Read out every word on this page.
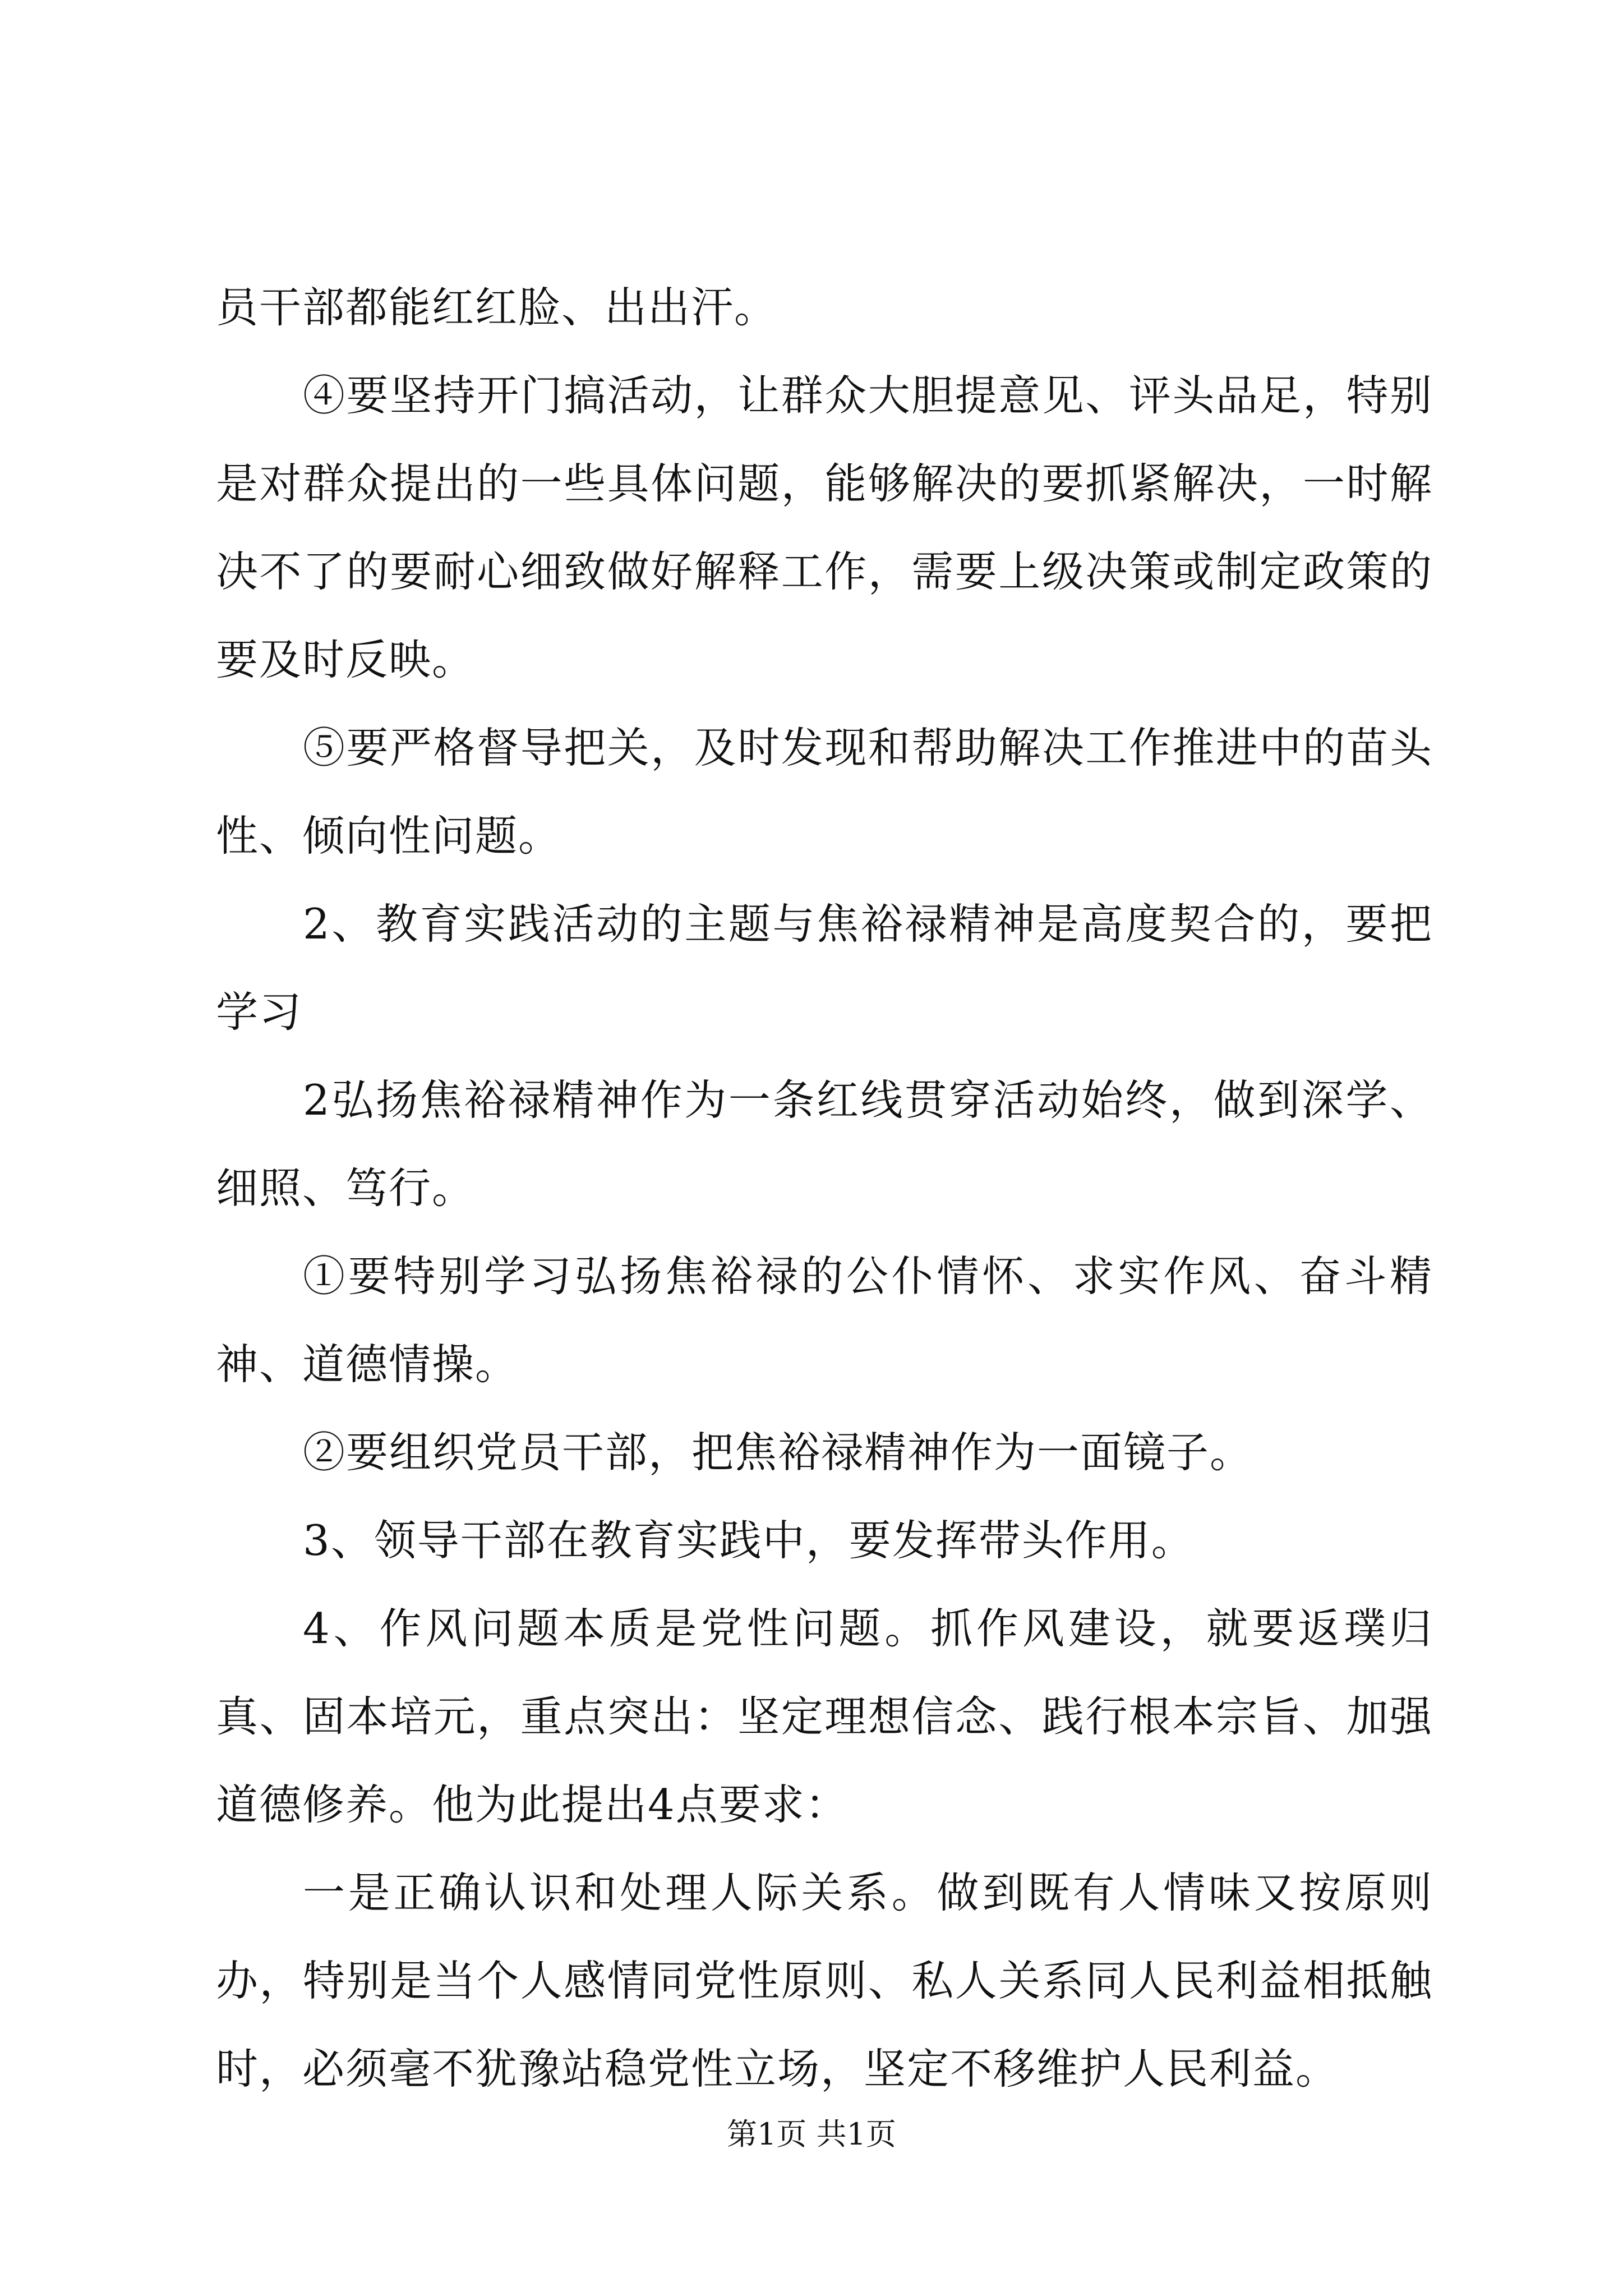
员干部都能红红脸、出出汗。

④要坚持开门搞活动，让群众大胆提意见、评头品足，特别是对群众提出的一些具体问题，能够解决的要抓紧解决，一时解决不了的要耐心细致做好解释工作，需要上级决策或制定政策的要及时反映。

⑤要严格督导把关，及时发现和帮助解决工作推进中的苗头性、倾向性问题。

2、教育实践活动的主题与焦裕禄精神是高度契合的，要把学习

2弘扬焦裕禄精神作为一条红线贯穿活动始终，做到深学、细照、笃行。

①要特别学习弘扬焦裕禄的公仆情怀、求实作风、奋斗精神、道德情操。

②要组织党员干部，把焦裕禄精神作为一面镜子。

3、领导干部在教育实践中，要发挥带头作用。

4、作风问题本质是党性问题。抓作风建设，就要返璞归真、固本培元，重点突出：坚定理想信念、践行根本宗旨、加强道德修养。他为此提出4点要求：

一是正确认识和处理人际关系。做到既有人情味又按原则办，特别是当个人感情同党性原则、私人关系同人民利益相抵触时，必须毫不犹豫站稳党性立场，坚定不移维护人民利益。

第1页 共1页
